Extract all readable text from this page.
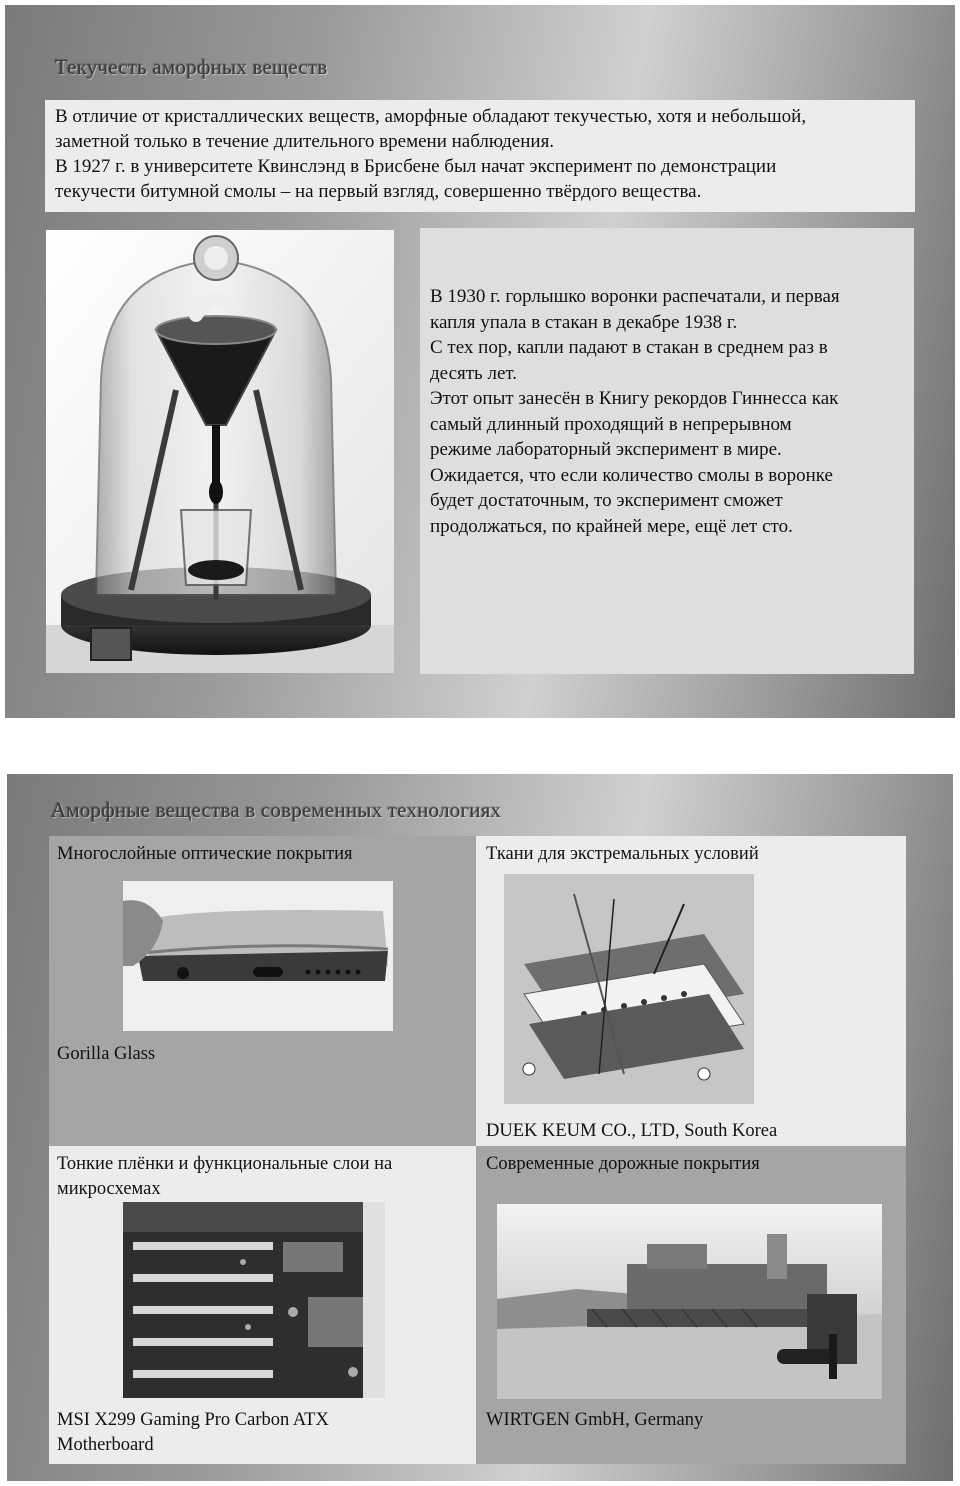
Текучесть аморфных веществ
В отличие от кристаллических веществ, аморфные обладают текучестью, хотя и небольшой,
заметной только в течение длительного времени наблюдения.
В 1927 г. в университете Квинслэнд в Брисбене был начат эксперимент по демонстрации
текучести битумной смолы – на первый взгляд, совершенно твёрдого вещества.

В 1930 г. горлышко воронки распечатали, и первая

капля упала в стакан в декабре 1938 г.

С тех пор, капли падают в стакан в среднем раз в

десять лет.

Этот опыт занесён в Книгу рекордов Гиннесса как

самый длинный проходящий в непрерывном

режиме лабораторный эксперимент в мире.

Ожидается, что если количество смолы в воронке

будет достаточным, то эксперимент сможет

продолжаться, по крайней мере, ещё лет сто.

Аморфные вещества в современных технологиях
Многослойные оптические покрытия
Gorilla Glass
Ткани для экстремальных условий
DUEK KEUM CO., LTD, South Korea
Тонкие плёнки и функциональные слои на
микросхемах
MSI X299 Gaming Pro Carbon ATX
Motherboard
Современные дорожные покрытия
WIRTGEN GmbH, Germany
